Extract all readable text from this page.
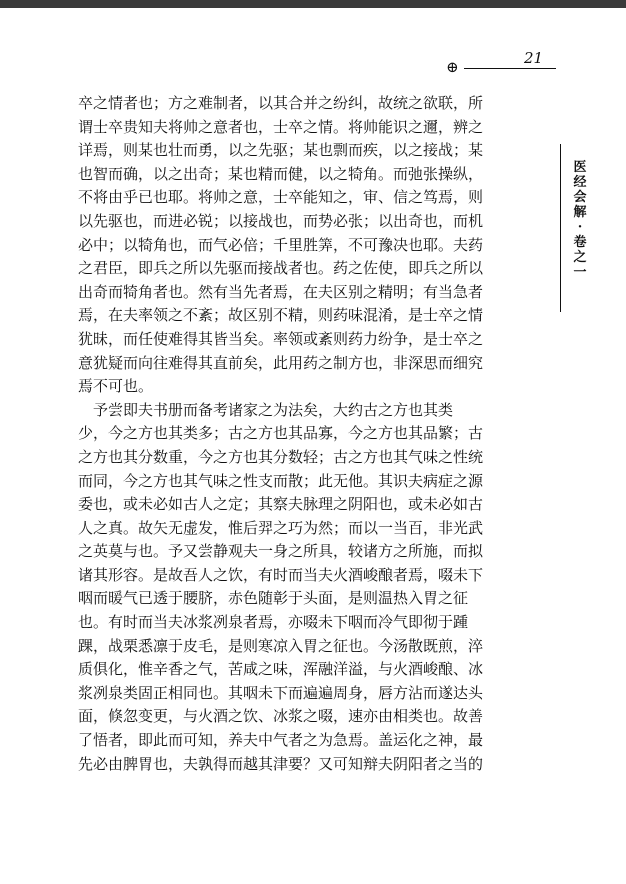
⊕	21
医
经
会
解
·
卷
之
一

卒之情者也；方之难制者，以其合并之纷纠，故统之欲联，所
谓士卒贵知夫将帅之意者也，士卒之情。将帅能识之邇，辨之
详焉，则某也壮而勇，以之先驱；某也剽而疾，以之接战；某
也智而确，以之出奇；某也精而健，以之犄角。而弛张操纵，
不将由乎已也耶。将帅之意，士卒能知之，审、信之笃焉，则
以先驱也，而进必锐；以接战也，而势必张；以出奇也，而机
必中；以犄角也，而气必倍；千里胜筭，不可豫决也耶。夫药
之君臣，即兵之所以先驱而接战者也。药之佐使，即兵之所以
出奇而犄角者也。然有当先者焉，在夫区别之精明；有当急者
焉，在夫率领之不紊；故区别不精，则药味混淆，是士卒之情
犹昧，而任使难得其皆当矣。率领或紊则药力纷争，是士卒之
意犹疑而向往难得其直前矣，此用药之制方也，非深思而细究
焉不可也。

　予尝即夫书册而备考诸家之为法矣，大约古之方也其类
少，今之方也其类多；古之方也其品寡，今之方也其品繁；古
之方也其分数重，今之方也其分数轻；古之方也其气味之性统
而同，今之方也其气味之性支而散；此无他。其识夫病症之源
委也，或未必如古人之定；其察夫脉理之阴阳也，或未必如古
人之真。故矢无虚发，惟后羿之巧为然；而以一当百，非光武
之英莫与也。予又尝静观夫一身之所具，较诸方之所施，而拟
诸其形容。是故吾人之饮，有时而当夫火酒峻酿者焉，啜未下
咽而暖气已透于腰脐，赤色随彰于头面，是则温热入胃之征
也。有时而当夫冰浆冽泉者焉，亦啜未下咽而冷气即彻于踵
踝，战栗悉凛于皮毛，是则寒凉入胃之征也。今汤散既煎，淬
质俱化，惟辛香之气，苦咸之味，浑融洋溢，与火酒峻酿、冰
浆冽泉类固正相同也。其咽未下而遍遍周身，唇方沾而遂达头
面，倏忽变更，与火酒之饮、冰浆之啜，速亦由相类也。故善
了悟者，即此而可知，养夫中气者之为急焉。盖运化之神，最
先必由脾胃也，夫孰得而越其津要？又可知辩夫阴阳者之当的
